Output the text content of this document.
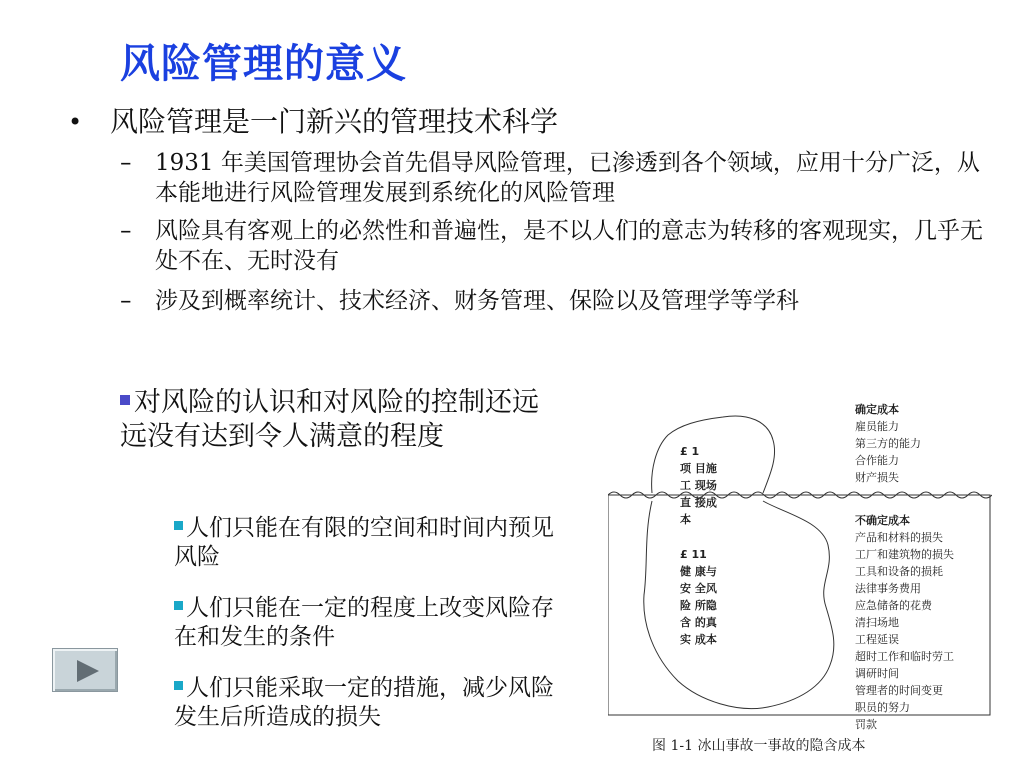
风险管理的意义
• 风险管理是一门新兴的管理技术科学
– 1931 年美国管理协会首先倡导风险管理，已渗透到各个领域，应用十分广泛，从本能地进行风险管理发展到系统化的风险管理
– 风险具有客观上的必然性和普遍性，是不以人们的意志为转移的客观现实，几乎无处不在、无时没有
– 涉及到概率统计、技术经济、财务管理、保险以及管理学等学科
对风险的认识和对风险的控制还远远没有达到令人满意的程度
人们只能在有限的空间和时间内预见风险
人们只能在一定的程度上改变风险存在和发生的条件
人们只能采取一定的措施，减少风险发生后所造成的损失
£ 1
项 目施
工 现场
直 接成
本
£ 11
健 康与
安 全风
险 所隐
含 的真
实 成本
确定成本
雇员能力
第三方的能力
合作能力
财产损失
不确定成本
产品和材料的损失
工厂和建筑物的损失
工具和设备的损耗
法律事务费用
应急储备的花费
清扫场地
工程延误
超时工作和临时劳工
调研时间
管理者的时间变更
职员的努力
罚款
图 1-1 冰山事故一事故的隐含成本
